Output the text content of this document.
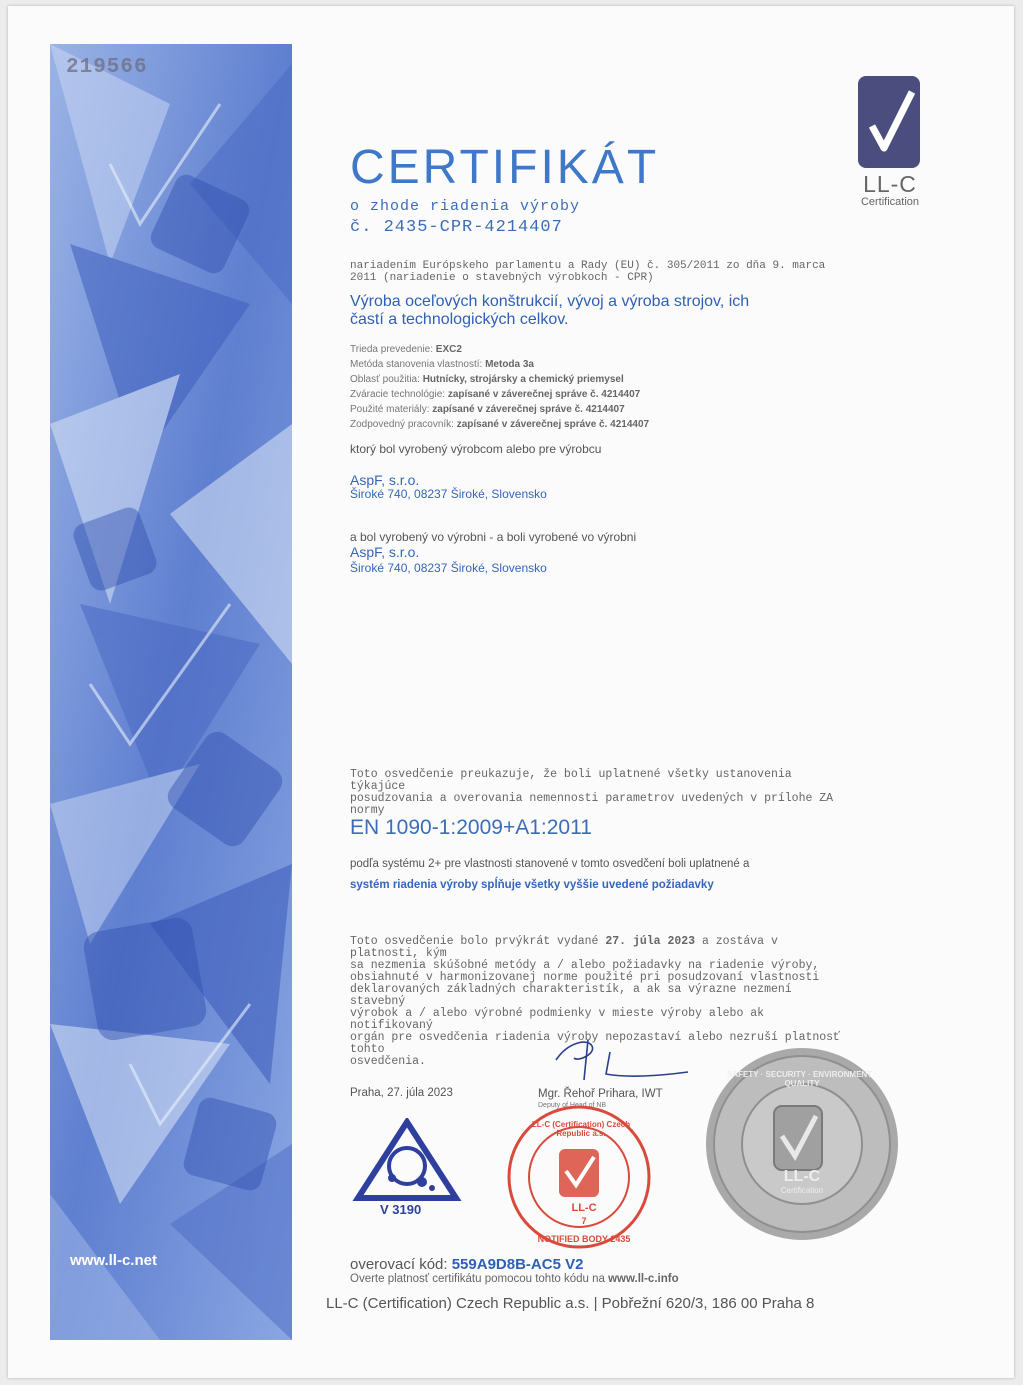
219566
www.ll-c.net
LL-C
Certification
CERTIFIKÁT
o zhode riadenia výroby
č. 2435-CPR-4214407
nariadením Európskeho parlamentu a Rady (EU) č. 305/2011 zo dňa 9. marca
2011 (nariadenie o stavebných výrobkoch - CPR)
Výroba oceľových konštrukcií, vývoj a výroba strojov, ich
častí a technologických celkov.
Trieda prevedenie: EXC2
Metóda stanovenia vlastností: Metoda 3a
Oblasť použitia: Hutnícky, strojársky a chemický priemysel
Zváracie technológie: zapísané v záverečnej správe č. 4214407
Použité materiály: zapísané v záverečnej správe č. 4214407
Zodpovedný pracovník: zapísané v záverečnej správe č. 4214407
ktorý bol vyrobený výrobcom alebo pre výrobcu
AspF, s.r.o.
Široké 740, 08237 Široké, Slovensko
a bol vyrobený vo výrobni - a boli vyrobené vo výrobni
AspF, s.r.o.
Široké 740, 08237 Široké, Slovensko
Toto osvedčenie preukazuje, že boli uplatnené všetky ustanovenia týkajúce
posudzovania a overovania nemennosti parametrov uvedených v prílohe ZA
normy
EN 1090-1:2009+A1:2011
podľa systému 2+ pre vlastnosti stanovené v tomto osvedčení boli uplatnené a
systém riadenia výroby spĺňuje všetky vyššie uvedené požiadavky
Toto osvedčenie bolo prvýkrát vydané 27. júla 2023 a zostáva v platnosti, kým
sa nezmenia skúšobné metódy a / alebo požiadavky na riadenie výroby,
obsiahnuté v harmonizovanej norme použité pri posudzovaní vlastnosti
deklarovaných základných charakteristík, a ak sa výrazne nezmení stavebný
výrobok a / alebo výrobné podmienky v mieste výroby alebo ak notifikovaný
orgán pre osvedčenia riadenia výroby nepozastaví alebo nezruší platnosť tohto
osvedčenia.
Praha, 27. júla 2023	Mgr. Řehoř Prihara, IWT
Deputy of Head of NB
V 3190
LL-C (Certification) Czech Republic a.s.
LL-C
7
NOTIFIED BODY 2435
SAFETY · SECURITY · ENVIRONMENT · QUALITY
LL-C
Certification
overovací kód: 559A9D8B-AC5 V2
Overte platnosť certifikátu pomocou tohto kódu na www.ll-c.info
LL-C (Certification) Czech Republic a.s. | Pobřežní 620/3, 186 00 Praha 8
